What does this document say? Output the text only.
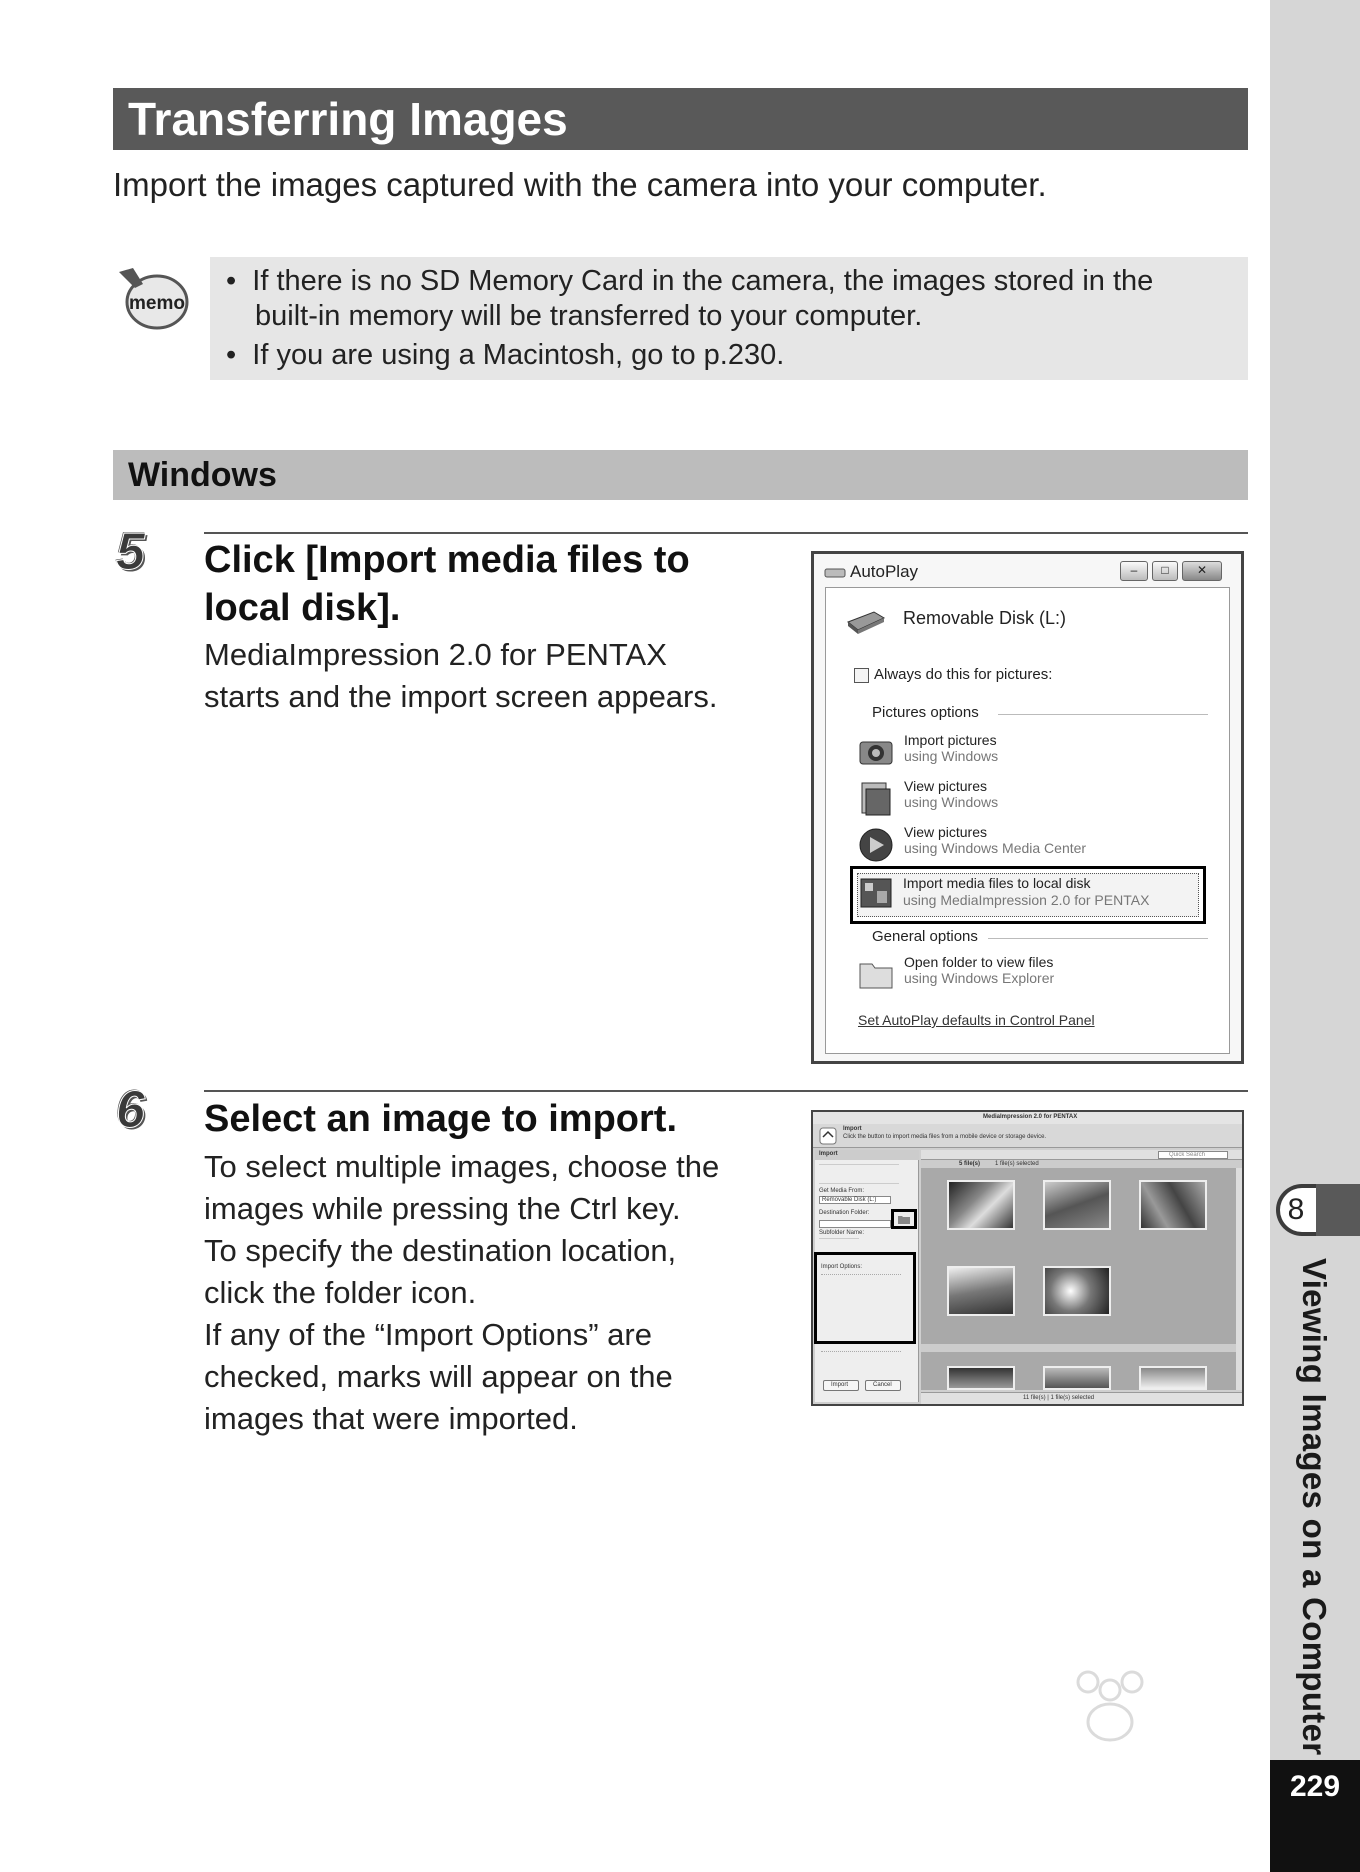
8
Viewing Images on a Computer
229
Transferring Images
Import the images captured with the camera into your computer.
memo
•  If there is no SD Memory Card in the camera, the images stored in the
built-in memory will be transferred to your computer.
•  If you are using a Macintosh, go to p.230.
Windows
5 Click [Import media files to
local disk].
MediaImpression 2.0 for PENTAX
starts and the import screen appears.
AutoPlay	–	□	✕
Removable Disk (L:)
Always do this for pictures:
Pictures options
Import pictures
using Windows
View pictures
using Windows
View pictures
using Windows Media Center
Import media files to local disk
using MediaImpression 2.0 for PENTAX
General options
Open folder to view files
using Windows Explorer
Set AutoPlay defaults in Control Panel
6 Select an image to import.
To select multiple images, choose the
images while pressing the Ctrl key.
To specify the destination location,
click the folder icon.
If any of the “Import Options” are
checked, marks will appear on the
images that were imported.
MediaImpression 2.0 for PENTAX
Import
Click the button to import media files from a mobile device or storage device.
Import
Get Media From:
Removable Disk (L:)
Destination Folder:
Subfolder Name:
Import Options:
Import	Cancel
Quick Search
5 file(s) 1 file(s) selected
11 file(s) | 1 file(s) selected
